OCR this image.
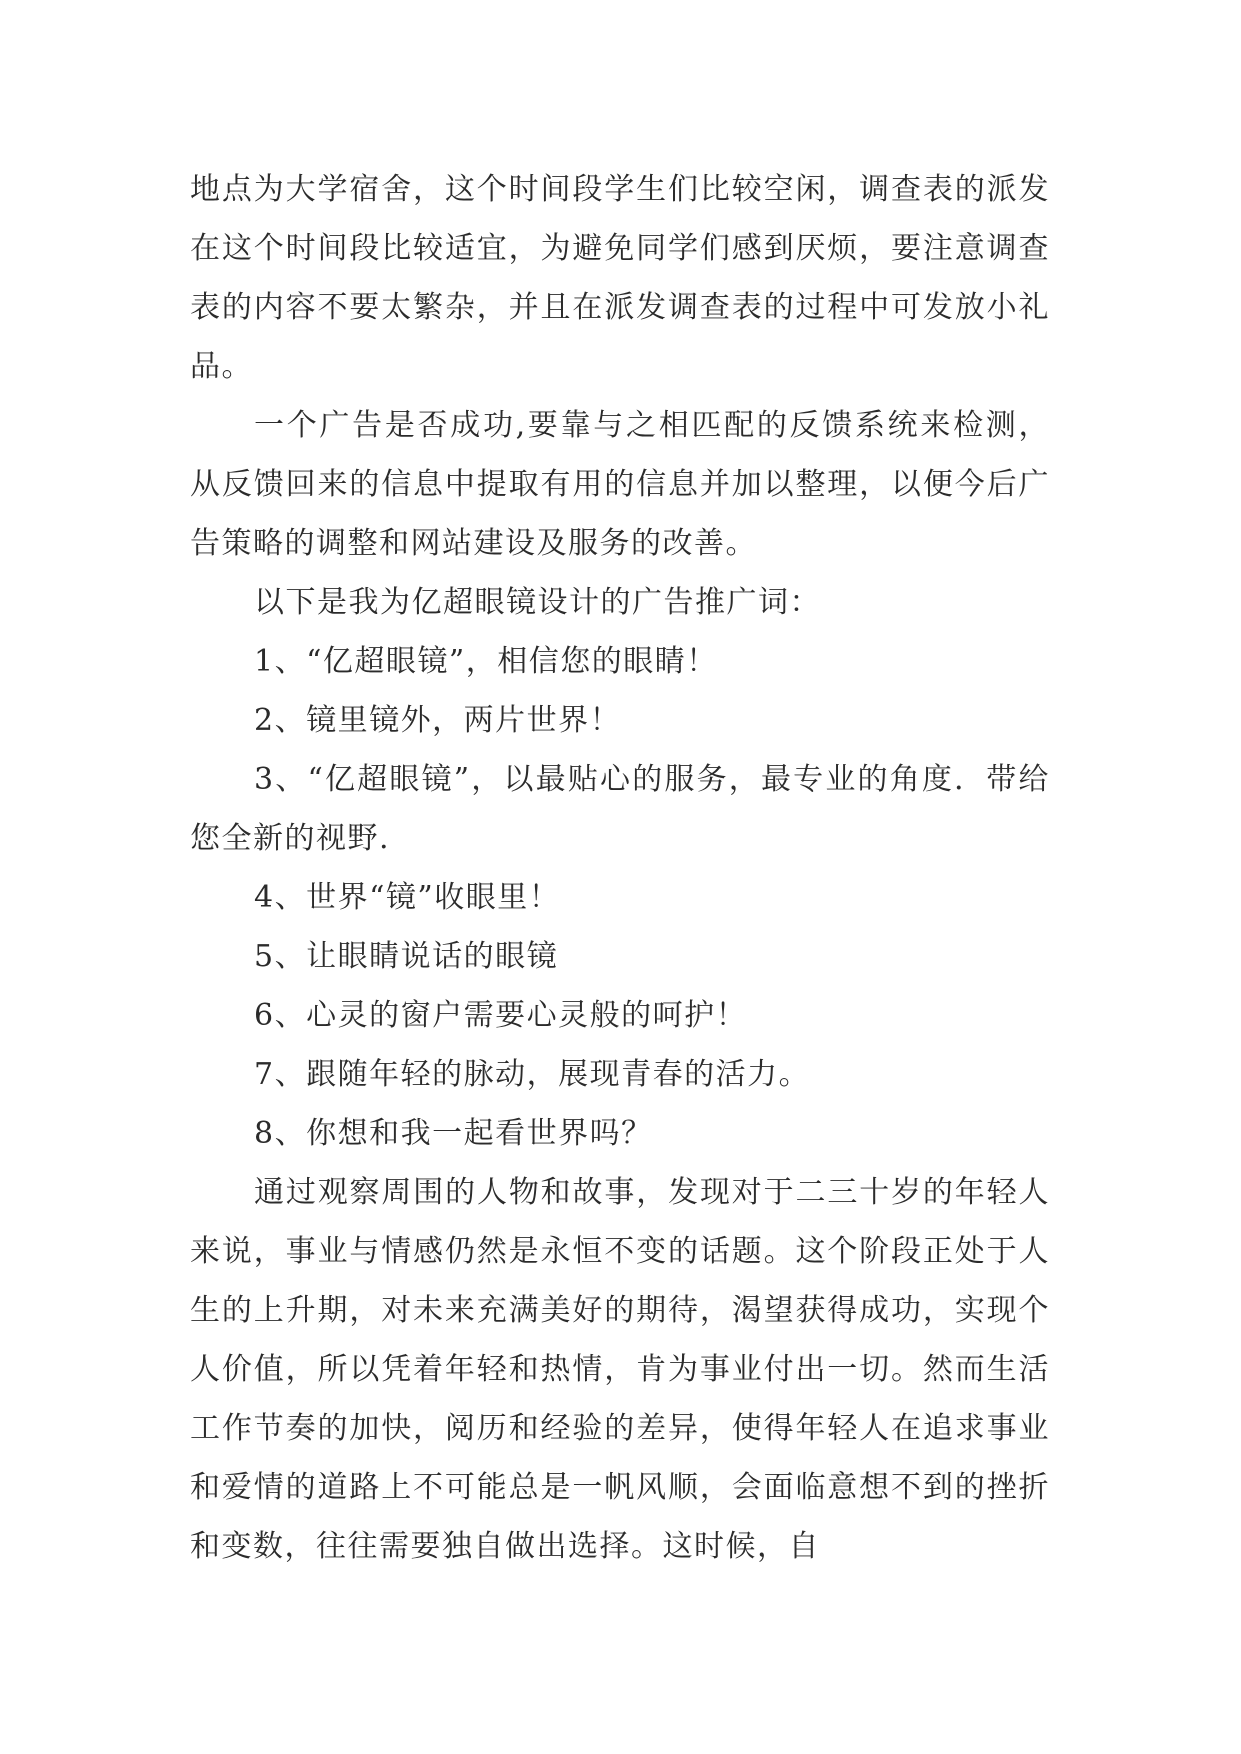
地点为大学宿舍，这个时间段学生们比较空闲，调查表的派发在这个时间段比较适宜，为避免同学们感到厌烦，要注意调查表的内容不要太繁杂，并且在派发调查表的过程中可发放小礼品。

一个广告是否成功,要靠与之相匹配的反馈系统来检测，从反馈回来的信息中提取有用的信息并加以整理，以便今后广告策略的调整和网站建设及服务的改善。

以下是我为亿超眼镜设计的广告推广词：

1、“亿超眼镜”，相信您的眼睛！

2、镜里镜外，两片世界！

3、“亿超眼镜”，以最贴心的服务，最专业的角度．带给您全新的视野.

4、世界“镜”收眼里！

5、让眼睛说话的眼镜

6、心灵的窗户需要心灵般的呵护！

7、跟随年轻的脉动，展现青春的活力。

8、你想和我一起看世界吗？

通过观察周围的人物和故事，发现对于二三十岁的年轻人来说，事业与情感仍然是永恒不变的话题。这个阶段正处于人生的上升期，对未来充满美好的期待，渴望获得成功，实现个人价值，所以凭着年轻和热情，肯为事业付出一切。然而生活工作节奏的加快，阅历和经验的差异，使得年轻人在追求事业和爱情的道路上不可能总是一帆风顺，会面临意想不到的挫折和变数，往往需要独自做出选择。这时候，自
